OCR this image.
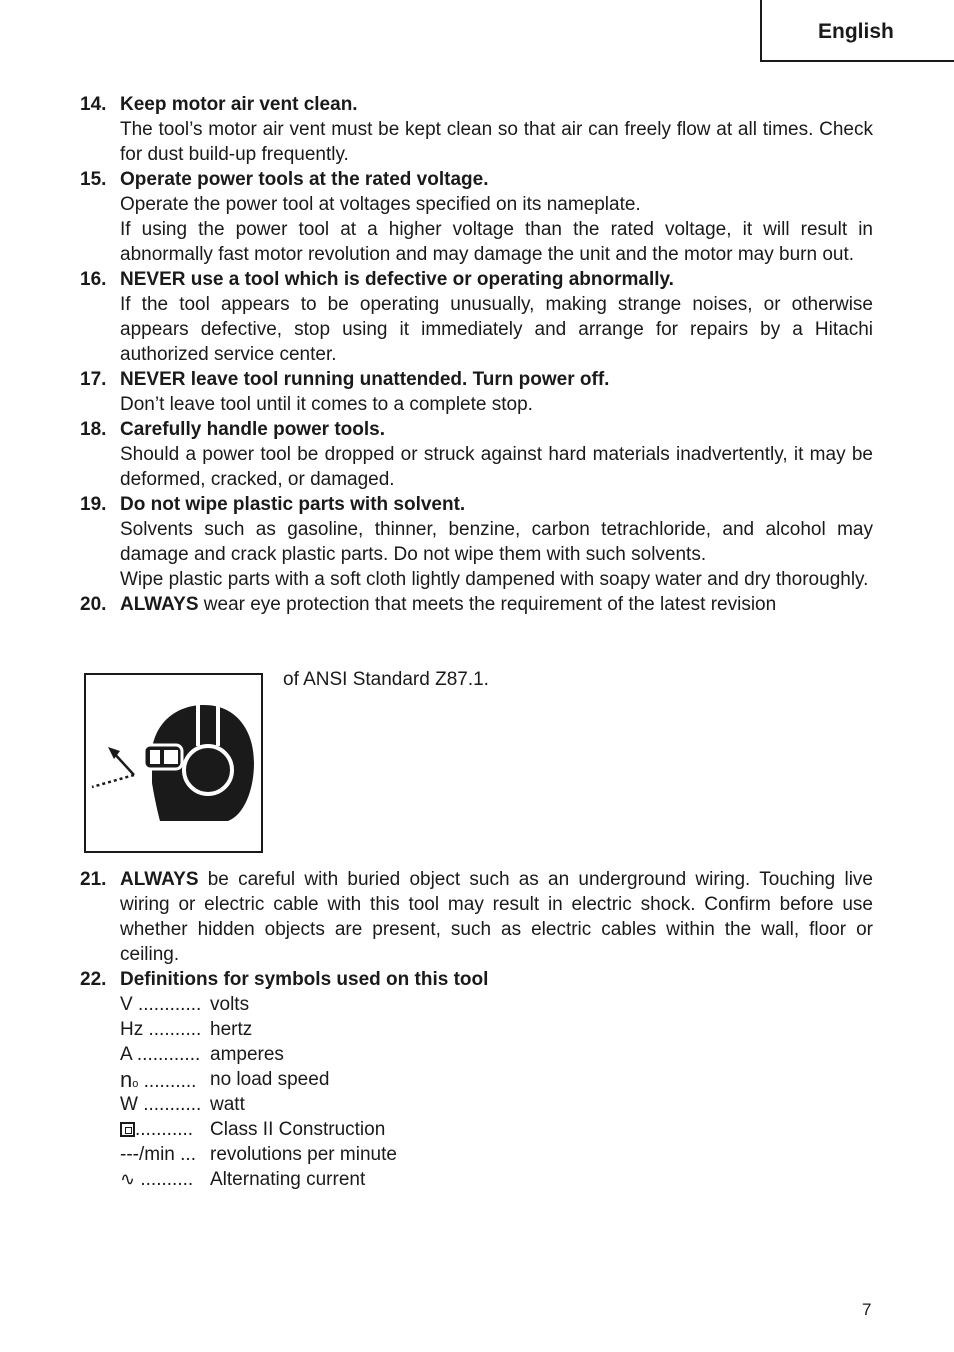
English
14. Keep motor air vent clean.
The tool’s motor air vent must be kept clean so that air can freely flow at all times. Check for dust build-up frequently.
15. Operate power tools at the rated voltage.
Operate the power tool at voltages specified on its nameplate.
If using the power tool at a higher voltage than the rated voltage, it will result in abnormally fast motor revolution and may damage the unit and the motor may burn out.
16. NEVER use a tool which is defective or operating abnormally.
If the tool appears to be operating unusually, making strange noises, or otherwise appears defective, stop using it immediately and arrange for repairs by a Hitachi authorized service center.
17. NEVER leave tool running unattended. Turn power off.
Don’t leave tool until it comes to a complete stop.
18. Carefully handle power tools.
Should a power tool be dropped or struck against hard materials inadvertently, it may be deformed, cracked, or damaged.
19. Do not wipe plastic parts with solvent.
Solvents such as gasoline, thinner, benzine, carbon tetrachloride, and alcohol may damage and crack plastic parts. Do not wipe them with such solvents.
Wipe plastic parts with a soft cloth lightly dampened with soapy water and dry thoroughly.
20. ALWAYS wear eye protection that meets the requirement of the latest revision
of ANSI Standard Z87.1.
21. ALWAYS be careful with buried object such as an underground wiring. Touching live wiring or electric cable with this tool may result in electric shock. Confirm before use whether hidden objects are present, such as electric cables within the wall, floor or ceiling.
22. Definitions for symbols used on this tool
V ............ volts
Hz .......... hertz
A ............ amperes
no .......... no load speed
W ........... watt
........... Class II Construction
---/min ... revolutions per minute
∿ .......... Alternating current
7
